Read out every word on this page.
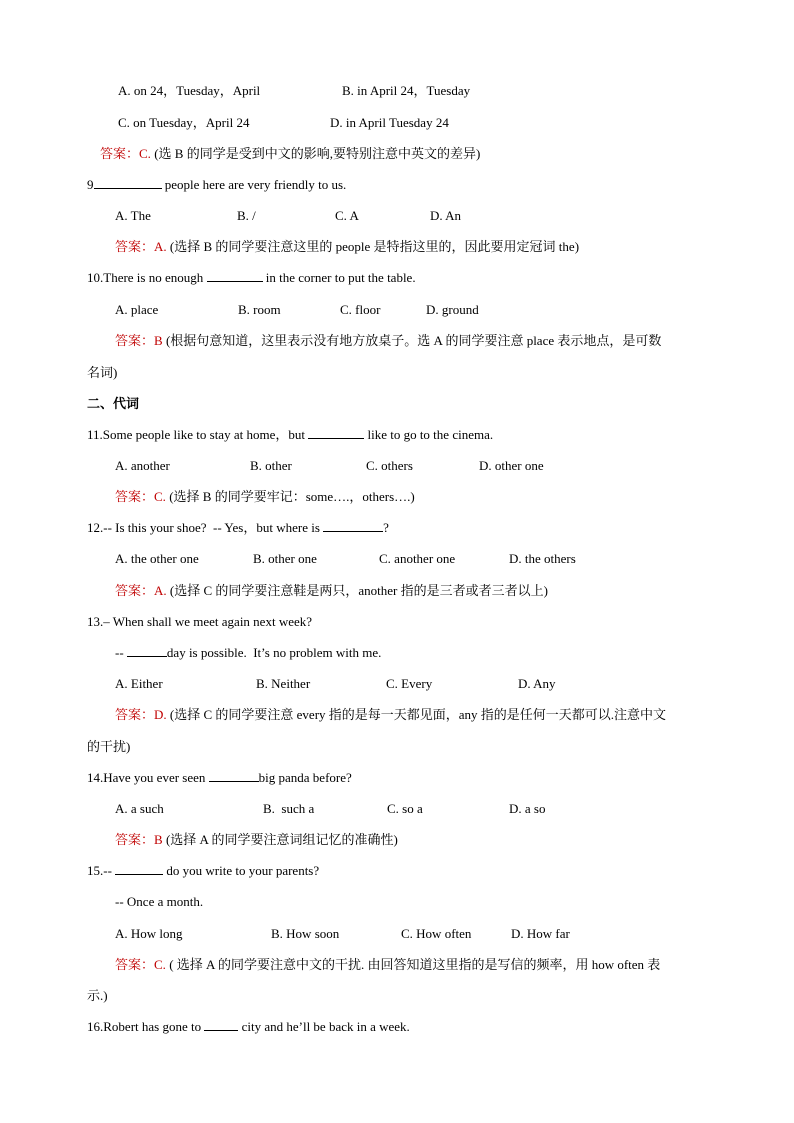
A. on 24，Tuesday，April	B. in April 24，Tuesday
C. on Tuesday，April 24	D. in April Tuesday 24
答案：C. (选 B 的同学是受到中文的影响,要特别注意中英文的差异)
9	people here are very friendly to us.
A. The	B. /	C. A	D. An
答案：A. (选择 B 的同学要注意这里的 people 是特指这里的，因此要用定冠词 the)
10.There is no enough	in the corner to put the table.
A. place	B. room	C. floor	D. ground
答案：B (根据句意知道，这里表示没有地方放桌子。选 A 的同学要注意 place 表示地点，是可数
名词)
二、代词
11.Some people like to stay at home，but	like to go to the cinema.
A. another	B. other	C. others	D. other one
答案：C. (选择 B 的同学要牢记：some….，others….)
12.-- Is this your shoe?  -- Yes，but where is	?
A. the other one	B. other one	C. another one	D. the others
答案：A. (选择 C 的同学要注意鞋是两只，another 指的是三者或者三者以上)
13.– When shall we meet again next week?
--	day is possible.  It’s no problem with me.
A. Either	B. Neither	C. Every	D. Any
答案：D. (选择 C 的同学要注意 every 指的是每一天都见面，any 指的是任何一天都可以.注意中文
的干扰)
14.Have you ever seen	big panda before?
A. a such	B.  such a	C. so a	D. a so
答案：B (选择 A 的同学要注意词组记忆的准确性)
15.--	do you write to your parents?
-- Once a month.
A. How long	B. How soon	C. How often	D. How far
答案：C. ( 选择 A 的同学要注意中文的干扰. 由回答知道这里指的是写信的频率，用 how often 表
示.)
16.Robert has gone to	city and he’ll be back in a week.
